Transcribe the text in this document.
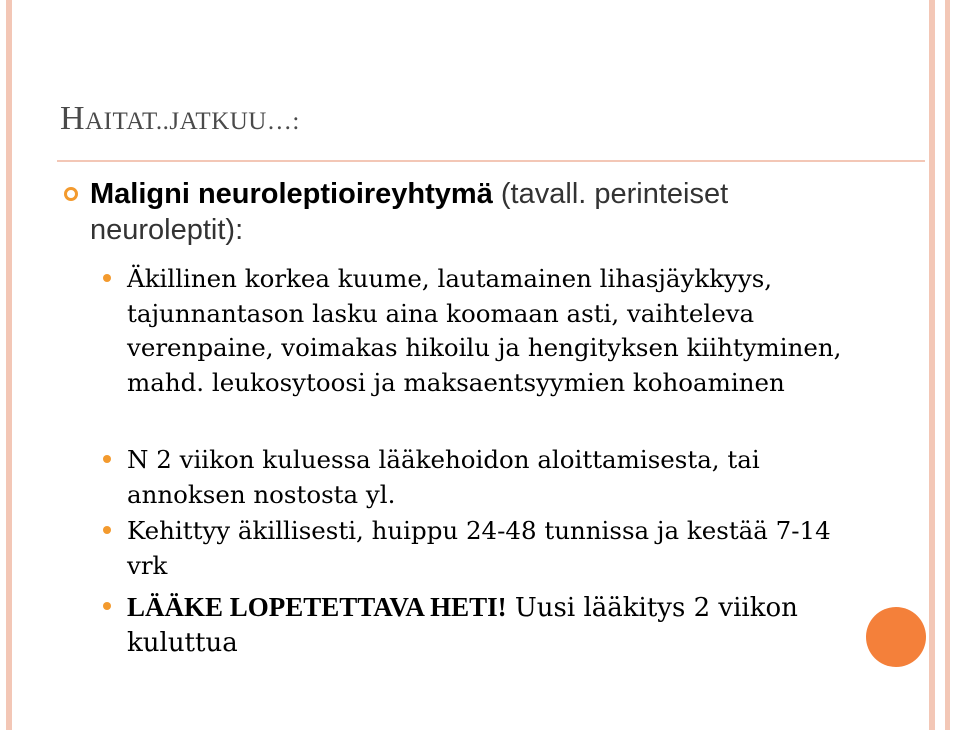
HAITAT..JATKUU…:

Maligni neuroleptioireyhtymä (tavall. perinteiset neuroleptit):

Äkillinen korkea kuume, lautamainen lihasjäykkyys, tajunnantason lasku aina koomaan asti, vaihteleva verenpaine, voimakas hikoilu ja hengityksen kiihtyminen, mahd. leukosytoosi ja maksaentsyymien kohoaminen

N 2 viikon kuluessa lääkehoidon aloittamisesta, tai annoksen nostosta yl.

Kehittyy äkillisesti, huippu 24-48 tunnissa ja kestää 7-14 vrk

LÄÄKE LOPETETTAVA HETI! Uusi lääkitys 2 viikon kuluttua
